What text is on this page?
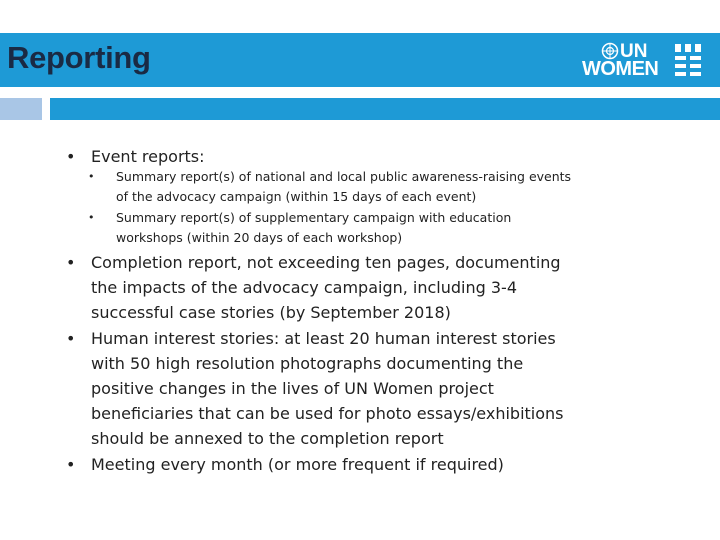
Reporting	UN
WOMEN
• Event reports:
• Summary report(s) of national and local public awareness-raising events
of the advocacy campaign (within 15 days of each event)
• Summary report(s) of supplementary campaign with education
workshops (within 20 days of each workshop)
• Completion report, not exceeding ten pages, documenting
the impacts of the advocacy campaign, including 3-4
successful case stories (by September 2018)
• Human interest stories: at least 20 human interest stories
with 50 high resolution photographs documenting the
positive changes in the lives of UN Women project
beneficiaries that can be used for photo essays/exhibitions
should be annexed to the completion report
• Meeting every month (or more frequent if required)
